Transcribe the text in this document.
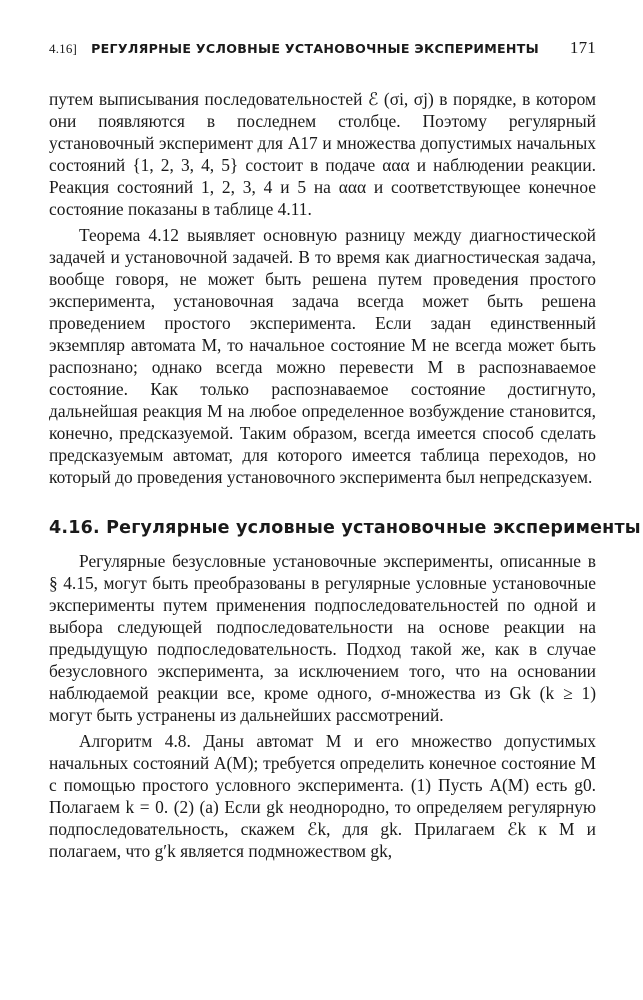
4.16] РЕГУЛЯРНЫЕ УСЛОВНЫЕ УСТАНОВОЧНЫЕ ЭКСПЕРИМЕНТЫ	171

путем выписывания последовательностей ℰ (σi, σj) в порядке, в котором они появляются в последнем столбце. Поэтому регулярный установочный эксперимент для A17 и множества допустимых начальных состояний {1, 2, 3, 4, 5} состоит в подаче ααα и наблюдении реакции. Реакция состояний 1, 2, 3, 4 и 5 на ααα и соответствующее конечное состояние показаны в таблице 4.11.

Теорема 4.12 выявляет основную разницу между диагностической задачей и установочной задачей. В то время как диагностическая задача, вообще говоря, не может быть решена путем проведения простого эксперимента, установочная задача всегда может быть решена проведением простого эксперимента. Если задан единственный экземпляр автомата M, то начальное состояние M не всегда может быть распознано; однако всегда можно перевести M в распознаваемое состояние. Как только распознаваемое состояние достигнуто, дальнейшая реакция M на любое определенное возбуждение становится, конечно, предсказуемой. Таким образом, всегда имеется способ сделать предсказуемым автомат, для которого имеется таблица переходов, но который до проведения установочного эксперимента был непредсказуем.

4.16. Регулярные условные установочные эксперименты

Регулярные безусловные установочные эксперименты, описанные в § 4.15, могут быть преобразованы в регулярные условные установочные эксперименты путем применения подпоследовательностей по одной и выбора следующей подпоследовательности на основе реакции на предыдущую подпоследовательность. Подход такой же, как в случае безусловного эксперимента, за исключением того, что на основании наблюдаемой реакции все, кроме одного, σ-множества из Gk (k ≥ 1) могут быть устранены из дальнейших рассмотрений.

Алгоритм 4.8. Даны автомат M и его множество допустимых начальных состояний A(M); требуется определить конечное состояние M с помощью простого условного эксперимента. (1) Пусть A(M) есть g0. Полагаем k = 0. (2) (a) Если gk неоднородно, то определяем регулярную подпоследовательность, скажем ℰk, для gk. Прилагаем ℰk к M и полагаем, что g′k является подмножеством gk,
